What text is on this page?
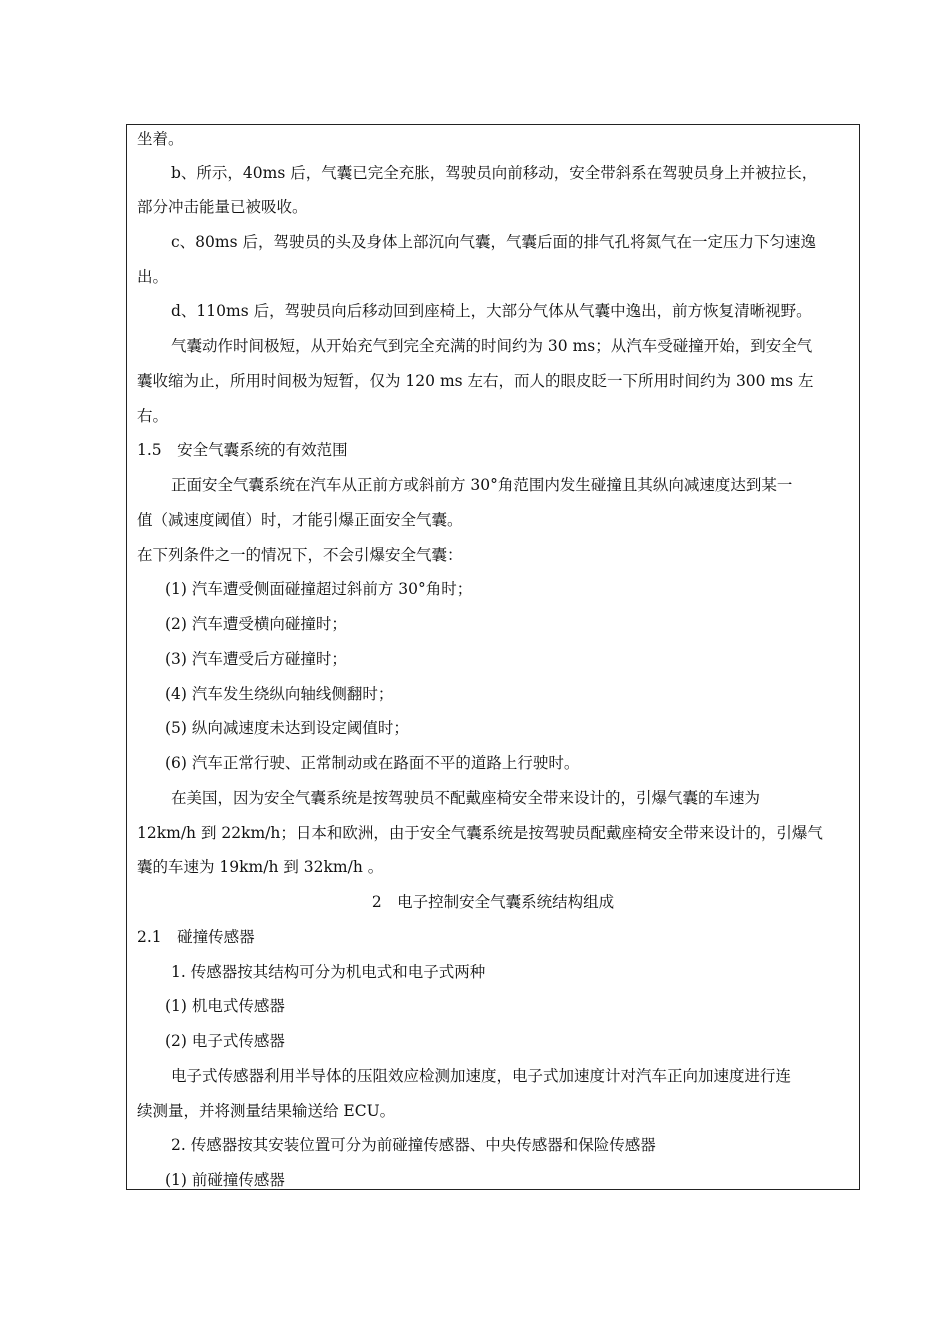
坐着。
b、所示，40ms 后，气囊已完全充胀，驾驶员向前移动，安全带斜系在驾驶员身上并被拉长，
部分冲击能量已被吸收。
c、80ms 后，驾驶员的头及身体上部沉向气囊，气囊后面的排气孔将氮气在一定压力下匀速逸
出。
d、110ms 后，驾驶员向后移动回到座椅上，大部分气体从气囊中逸出，前方恢复清晰视野。
气囊动作时间极短，从开始充气到完全充满的时间约为 30 ms；从汽车受碰撞开始，到安全气
囊收缩为止，所用时间极为短暂，仅为 120 ms 左右，而人的眼皮眨一下所用时间约为 300 ms 左
右。
1.5　安全气囊系统的有效范围
正面安全气囊系统在汽车从正前方或斜前方 30°角范围内发生碰撞且其纵向减速度达到某一
值（减速度阈值）时，才能引爆正面安全气囊。
在下列条件之一的情况下，不会引爆安全气囊：
(1) 汽车遭受侧面碰撞超过斜前方 30°角时；
(2) 汽车遭受横向碰撞时；
(3) 汽车遭受后方碰撞时；
(4) 汽车发生绕纵向轴线侧翻时；
(5) 纵向减速度未达到设定阈值时；
(6) 汽车正常行驶、正常制动或在路面不平的道路上行驶时。
在美国，因为安全气囊系统是按驾驶员不配戴座椅安全带来设计的，引爆气囊的车速为
12km/h 到 22km/h；日本和欧洲，由于安全气囊系统是按驾驶员配戴座椅安全带来设计的，引爆气
囊的车速为 19km/h 到 32km/h 。
2　电子控制安全气囊系统结构组成
2.1　碰撞传感器
1. 传感器按其结构可分为机电式和电子式两种
(1) 机电式传感器
(2) 电子式传感器
电子式传感器利用半导体的压阻效应检测加速度，电子式加速度计对汽车正向加速度进行连
续测量，并将测量结果输送给 ECU。
2. 传感器按其安装位置可分为前碰撞传感器、中央传感器和保险传感器
(1) 前碰撞传感器
